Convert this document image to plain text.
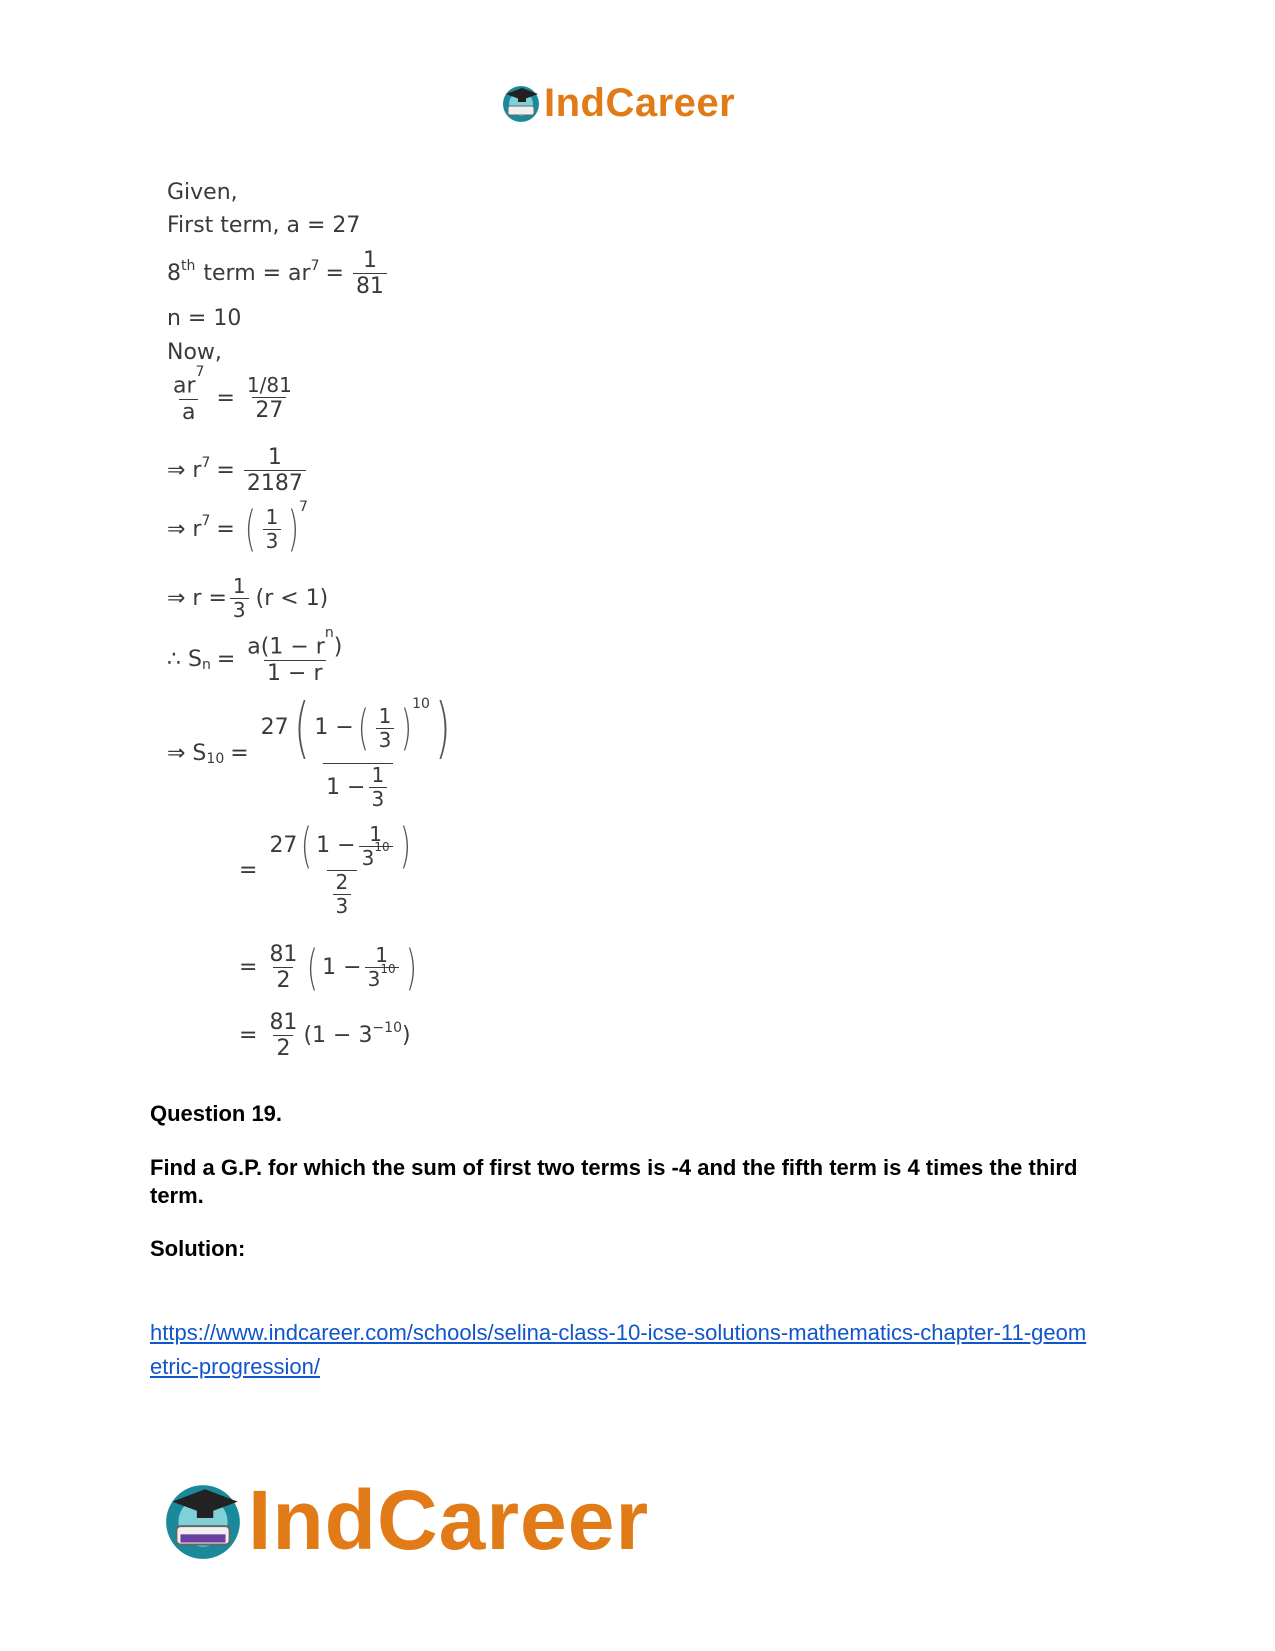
IndCareer
Given,
First term, a = 27
8th term = $ar^7 = \frac{1}{81}$
n = 10
Now,
$\frac{ar^7}{a} = \frac{1/81}{27}$
⇒ $r^7 = \frac{1}{2187}$
⇒ $r^7$ = ( $\frac{1}{3} )^7$
⇒ $r = \frac{1}{3} (r < 1)$
∴ $S_n = \frac{a(1 - r^n)}{1 - r}$
⇒ $S_{10}$ =
27 ( 1 − ( $\frac{1}{3} )^{10}$ )
$1 - \frac{1}{3}$
=
27 ( $1 - \frac{1}{3^{10}}$ )
$\frac{2}{3}$
= $\frac{81}{2}$ ( $1 - \frac{1}{3^{10}}$ )
= $\frac{81}{2} (1 - 3^{-10}$ )
Question 19.
Find a G.P. for which the sum of first two terms is -4 and the fifth term is 4 times the third
term.
Solution:
https://www.indcareer.com/schools/selina-class-10-icse-solutions-mathematics-chapter-11-geom
etric-progression/
IndCareer
